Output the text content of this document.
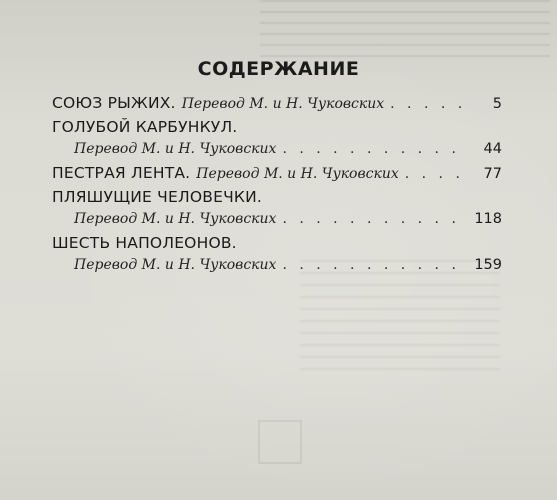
СОДЕРЖАНИЕ
СОЮЗ РЫЖИХ. Перевод М. и Н. Чуковских . . .	5
ГОЛУБОЙ КАРБУНКУЛ.
Перевод М. и Н. Чуковских . . .	44
ПЕСТРАЯ ЛЕНТА. Перевод М. и Н. Чуковских . . .	77
ПЛЯШУЩИЕ ЧЕЛОВЕЧКИ.
Перевод М. и Н. Чуковских . . .	118
ШЕСТЬ НАПОЛЕОНОВ.
Перевод М. и Н. Чуковских . . .	159
